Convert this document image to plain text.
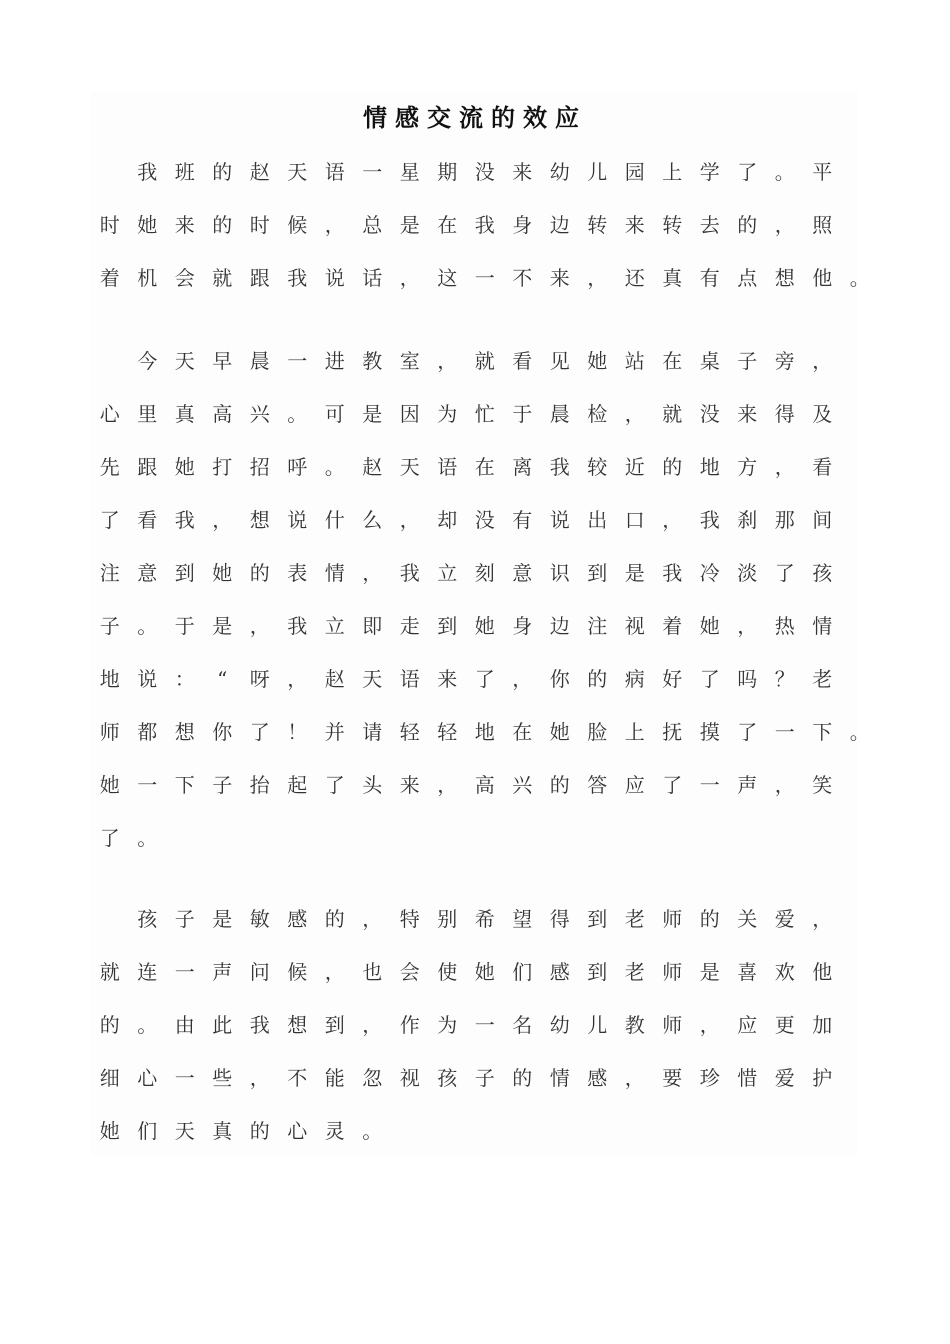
情感交流的效应
我 班 的 赵 天 语 一 星 期 没 来 幼 儿 园 上 学 了 。 平
时 她 来 的 时 候 ， 总 是 在 我 身 边 转 来 转 去 的 ， 照
着 机 会 就 跟 我 说 话 ， 这 一 不 来 ， 还 真 有 点 想 他 。
今 天 早 晨 一 进 教 室 ， 就 看 见 她 站 在 桌 子 旁 ，
心 里 真 高 兴 。 可 是 因 为 忙 于 晨 检 ， 就 没 来 得 及
先 跟 她 打 招 呼 。 赵 天 语 在 离 我 较 近 的 地 方 ， 看
了 看 我 ， 想 说 什 么 ， 却 没 有 说 出 口 ， 我 刹 那 间
注 意 到 她 的 表 情 ， 我 立 刻 意 识 到 是 我 冷 淡 了 孩
子 。 于 是 ， 我 立 即 走 到 她 身 边 注 视 着 她 ， 热 情
地 说 ：	“	呀 ， 赵 天 语 来 了 ， 你 的 病 好 了 吗 ？ 老
师 都 想 你 了 ！ 并 请 轻 轻 地 在 她 脸 上 抚 摸 了 一 下 。
她 一 下 子 抬 起 了 头 来 ， 高 兴 的 答 应 了 一 声 ， 笑
了 。
孩 子 是 敏 感 的 ， 特 别 希 望 得 到 老 师 的 关 爱 ，
就 连 一 声 问 候 ， 也 会 使 她 们 感 到 老 师 是 喜 欢 他
的 。 由 此 我 想 到 ， 作 为 一 名 幼 儿 教 师 ， 应 更 加
细 心 一 些 ， 不 能 忽 视 孩 子 的 情 感 ， 要 珍 惜 爱 护
她 们 天 真 的 心 灵 。
